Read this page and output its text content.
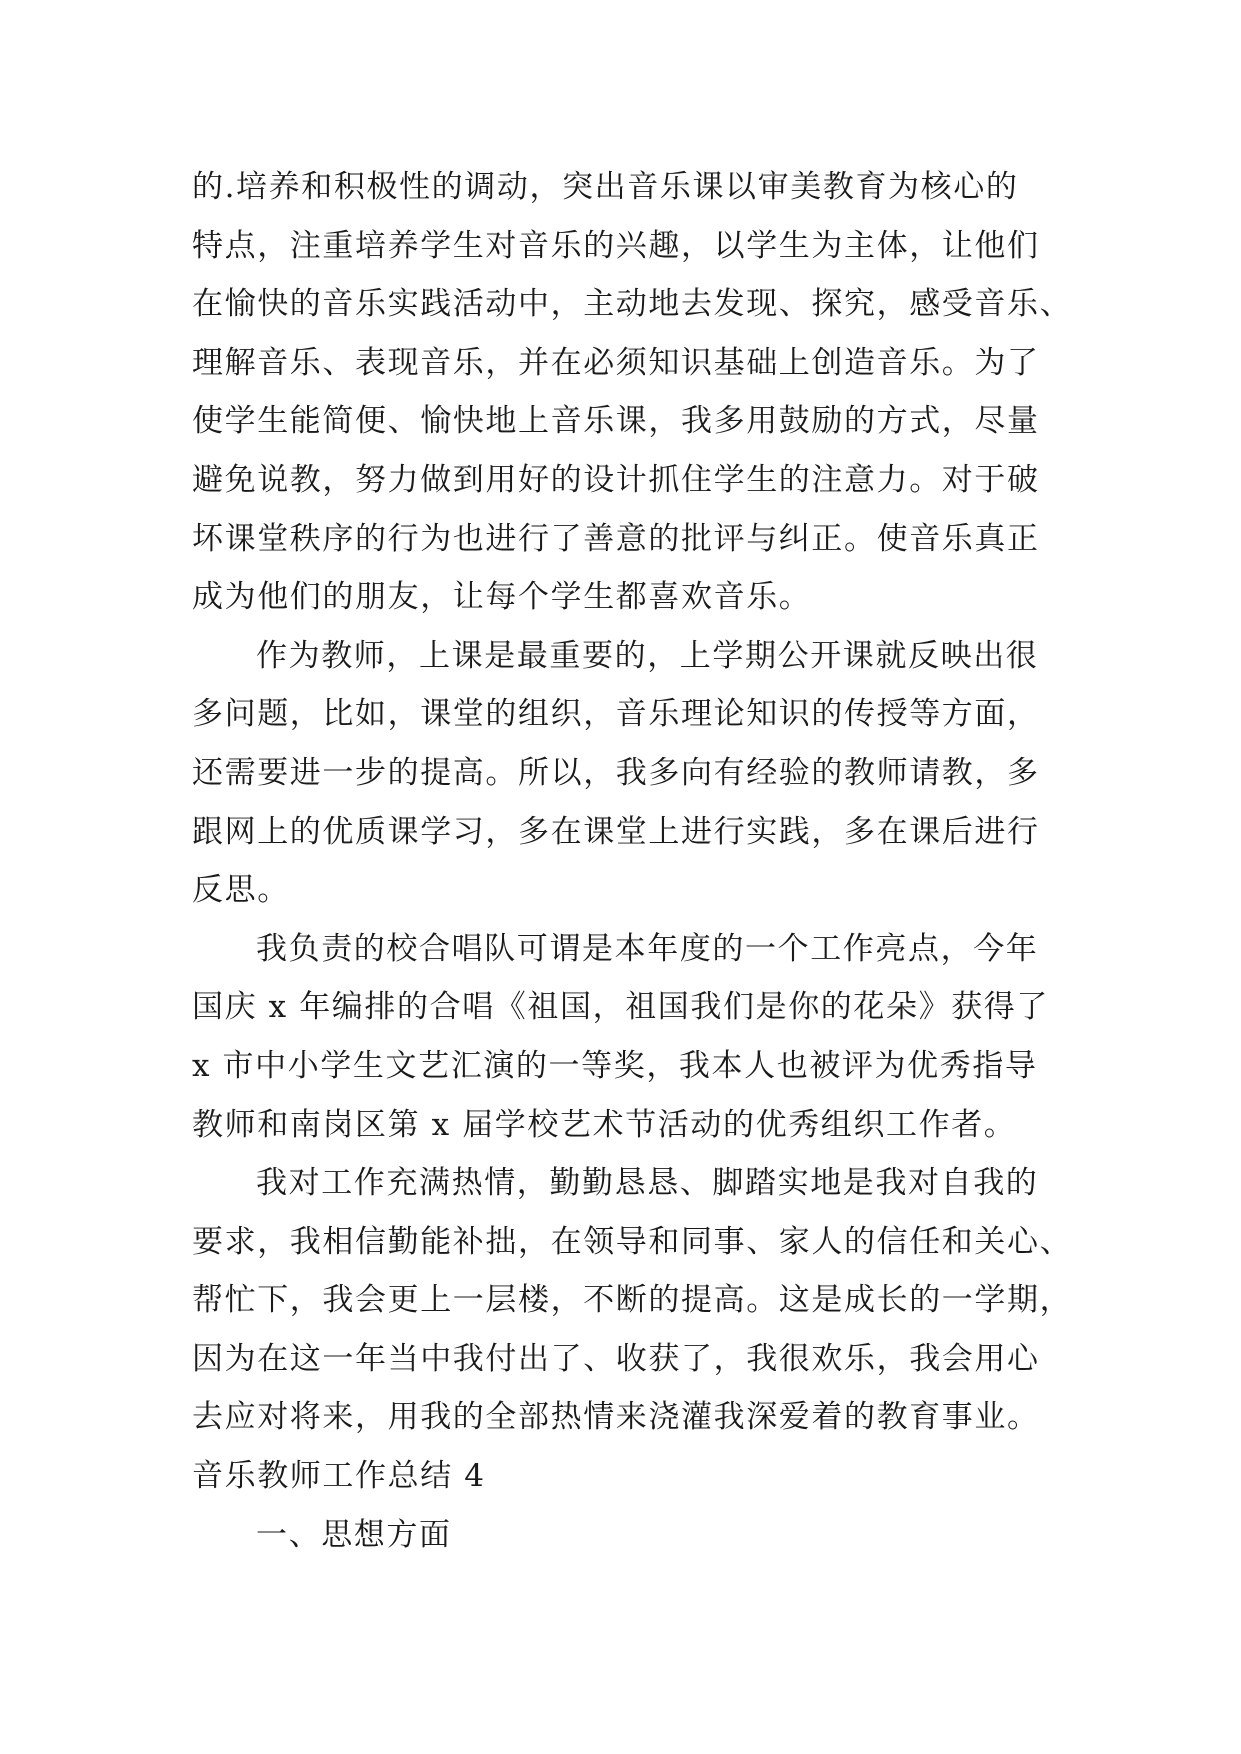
的.培养和积极性的调动，突出音乐课以审美教育为核心的
特点，注重培养学生对音乐的兴趣，以学生为主体，让他们
在愉快的音乐实践活动中，主动地去发现、探究，感受音乐、
理解音乐、表现音乐，并在必须知识基础上创造音乐。为了
使学生能简便、愉快地上音乐课，我多用鼓励的方式，尽量
避免说教，努力做到用好的设计抓住学生的注意力。对于破
坏课堂秩序的行为也进行了善意的批评与纠正。使音乐真正
成为他们的朋友，让每个学生都喜欢音乐。
作为教师，上课是最重要的，上学期公开课就反映出很
多问题，比如，课堂的组织，音乐理论知识的传授等方面，
还需要进一步的提高。所以，我多向有经验的教师请教，多
跟网上的优质课学习，多在课堂上进行实践，多在课后进行
反思。
我负责的校合唱队可谓是本年度的一个工作亮点，今年
国庆 x 年编排的合唱《祖国，祖国我们是你的花朵》获得了
x 市中小学生文艺汇演的一等奖，我本人也被评为优秀指导
教师和南岗区第 x 届学校艺术节活动的优秀组织工作者。
我对工作充满热情，勤勤恳恳、脚踏实地是我对自我的
要求，我相信勤能补拙，在领导和同事、家人的信任和关心、
帮忙下，我会更上一层楼，不断的提高。这是成长的一学期，
因为在这一年当中我付出了、收获了，我很欢乐，我会用心
去应对将来，用我的全部热情来浇灌我深爱着的教育事业。
音乐教师工作总结 4
一、思想方面
